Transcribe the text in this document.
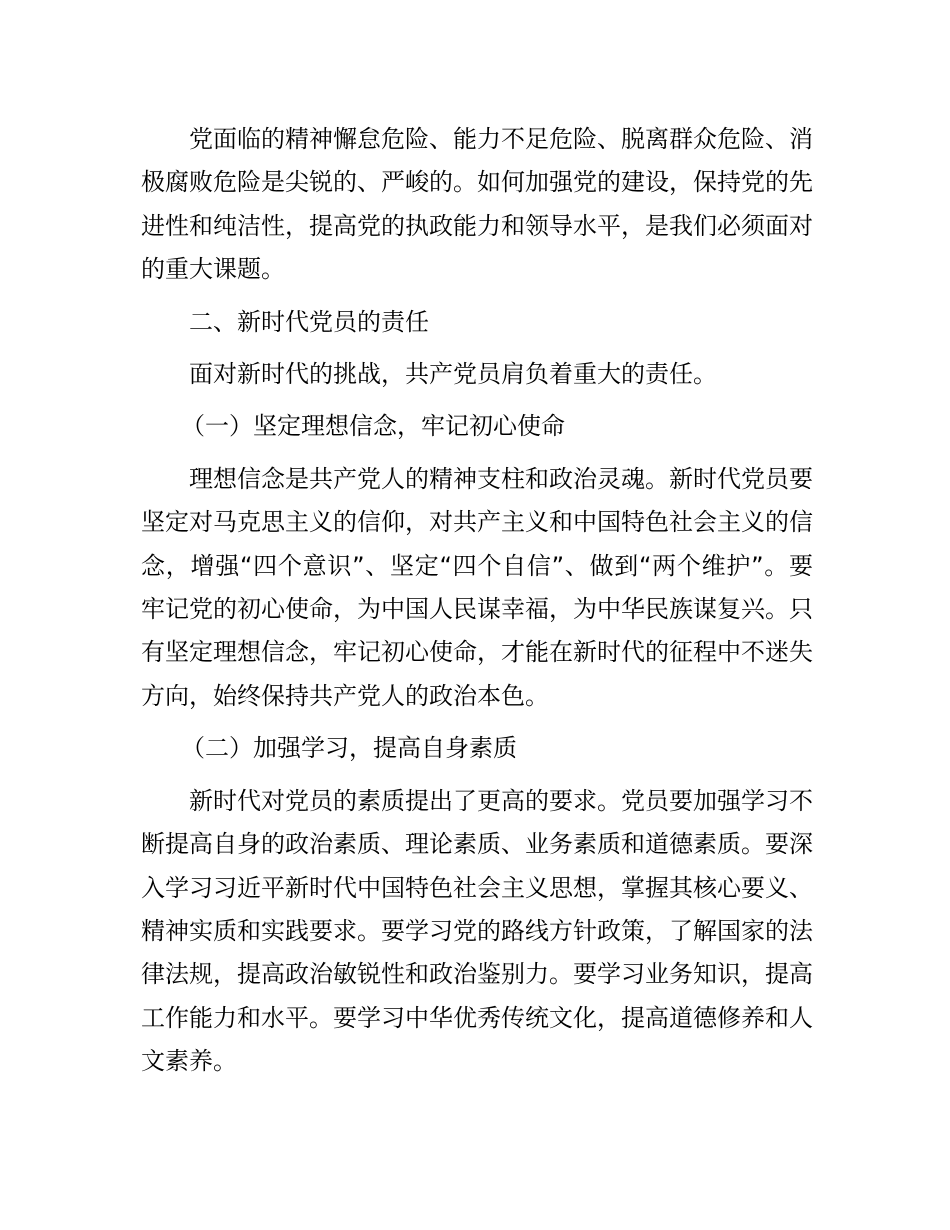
党面临的精神懈怠危险、能力不足危险、脱离群众危险、消极腐败危险是尖锐的、严峻的。如何加强党的建设，保持党的先进性和纯洁性，提高党的执政能力和领导水平，是我们必须面对的重大课题。

二、新时代党员的责任

面对新时代的挑战，共产党员肩负着重大的责任。

（一）坚定理想信念，牢记初心使命

理想信念是共产党人的精神支柱和政治灵魂。新时代党员要坚定对马克思主义的信仰，对共产主义和中国特色社会主义的信念，增强“四个意识”、坚定“四个自信”、做到“两个维护”。要牢记党的初心使命，为中国人民谋幸福，为中华民族谋复兴。只有坚定理想信念，牢记初心使命，才能在新时代的征程中不迷失方向，始终保持共产党人的政治本色。

（二）加强学习，提高自身素质

新时代对党员的素质提出了更高的要求。党员要加强学习不断提高自身的政治素质、理论素质、业务素质和道德素质。要深入学习习近平新时代中国特色社会主义思想，掌握其核心要义、精神实质和实践要求。要学习党的路线方针政策，了解国家的法律法规，提高政治敏锐性和政治鉴别力。要学习业务知识，提高工作能力和水平。要学习中华优秀传统文化，提高道德修养和人文素养。
